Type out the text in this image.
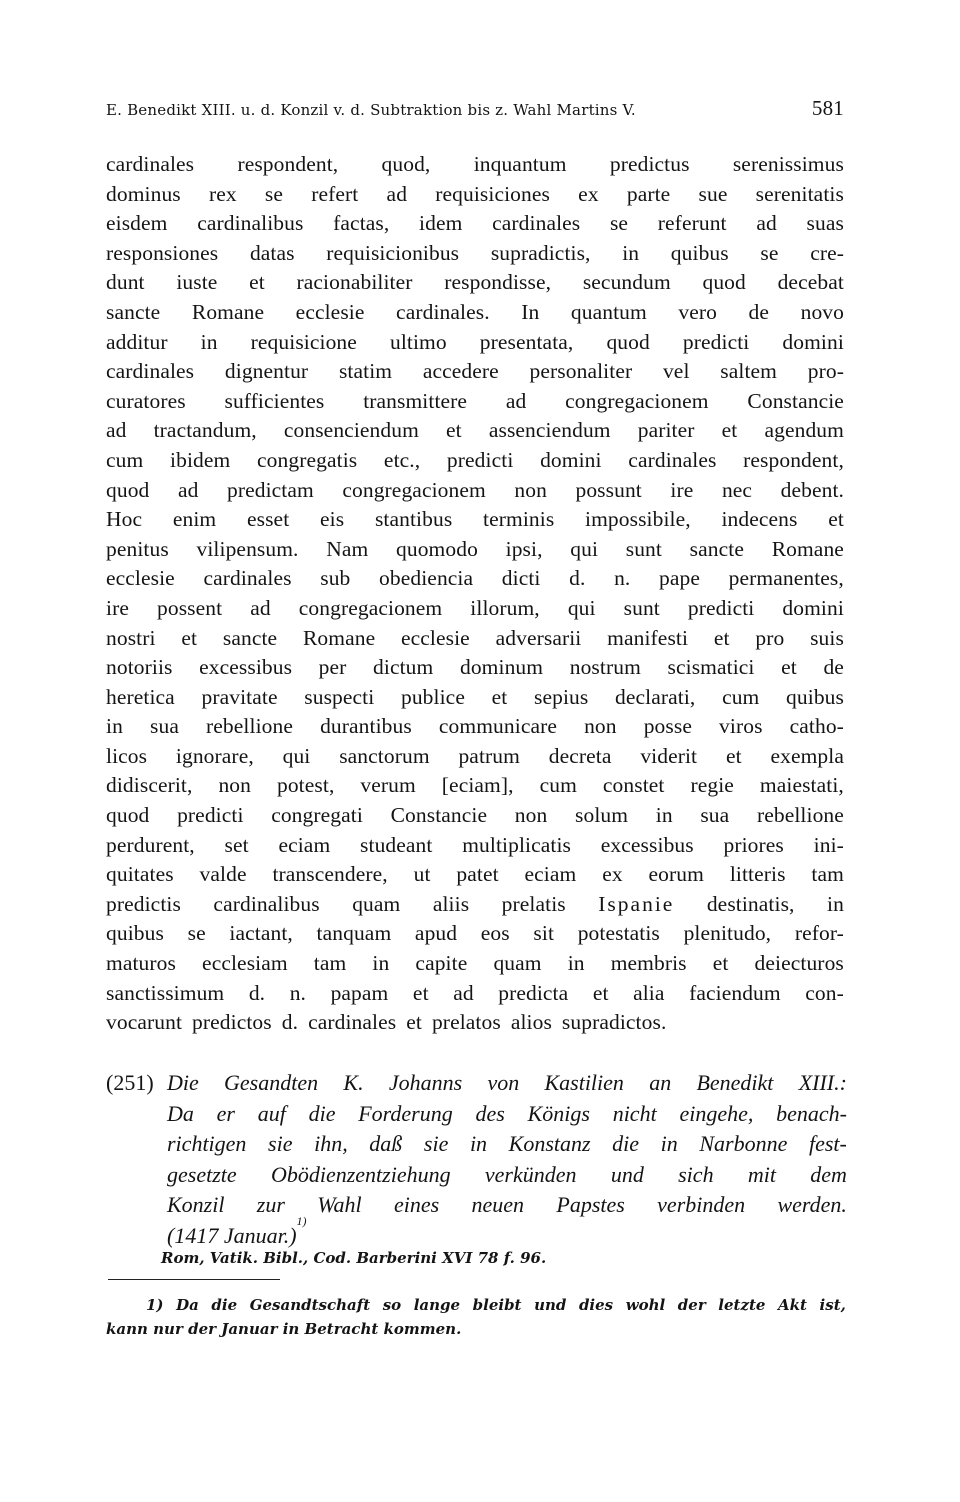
E. Benedikt XIII. u. d. Konzil v. d. Subtraktion bis z. Wahl Martins V.	581
cardinales respondent, quod, inquantum predictus serenissimus
dominus rex se refert ad requisiciones ex parte sue serenitatis
eisdem cardinalibus factas, idem cardinales se referunt ad suas
responsiones datas requisicionibus supradictis, in quibus se cre-
dunt iuste et racionabiliter respondisse, secundum quod decebat
sancte Romane ecclesie cardinales. In quantum vero de novo
additur in requisicione ultimo presentata, quod predicti domini
cardinales dignentur statim accedere personaliter vel saltem pro-
curatores sufficientes transmittere ad congregacionem Constancie
ad tractandum, consenciendum et assenciendum pariter et agendum
cum ibidem congregatis etc., predicti domini cardinales respondent,
quod ad predictam congregacionem non possunt ire nec debent.
Hoc enim esset eis stantibus terminis impossibile, indecens et
penitus vilipensum. Nam quomodo ipsi, qui sunt sancte Romane
ecclesie cardinales sub obediencia dicti d. n. pape permanentes,
ire possent ad congregacionem illorum, qui sunt predicti domini
nostri et sancte Romane ecclesie adversarii manifesti et pro suis
notoriis excessibus per dictum dominum nostrum scismatici et de
heretica pravitate suspecti publice et sepius declarati, cum quibus
in sua rebellione durantibus communicare non posse viros catho-
licos ignorare, qui sanctorum patrum decreta viderit et exempla
didiscerit, non potest, verum [eciam], cum constet regie maiestati,
quod predicti congregati Constancie non solum in sua rebellione
perdurent, set eciam studeant multiplicatis excessibus priores ini-
quitates valde transcendere, ut patet eciam ex eorum litteris tam
predictis cardinalibus quam aliis prelatis Ispanie destinatis, in
quibus se iactant, tanquam apud eos sit potestatis plenitudo, refor-
maturos ecclesiam tam in capite quam in membris et deiecturos
sanctissimum d. n. papam et ad predicta et alia faciendum con-
vocarunt predictos d. cardinales et prelatos alios supradictos.
(251) Die Gesandten K. Johanns von Kastilien an Benedikt XIII.:
Da er auf die Forderung des Königs nicht eingehe, benach-
richtigen sie ihn, daß sie in Konstanz die in Narbonne fest-
gesetzte Obödienzentziehung verkünden und sich mit dem
Konzil zur Wahl eines neuen Papstes verbinden werden.
(1417 Januar.)
1)
Rom, Vatik. Bibl., Cod. Barberini XVI 78 f. 96.
1) Da die Gesandtschaft so lange bleibt und dies wohl der letzte Akt ist,
kann nur der Januar in Betracht kommen.
